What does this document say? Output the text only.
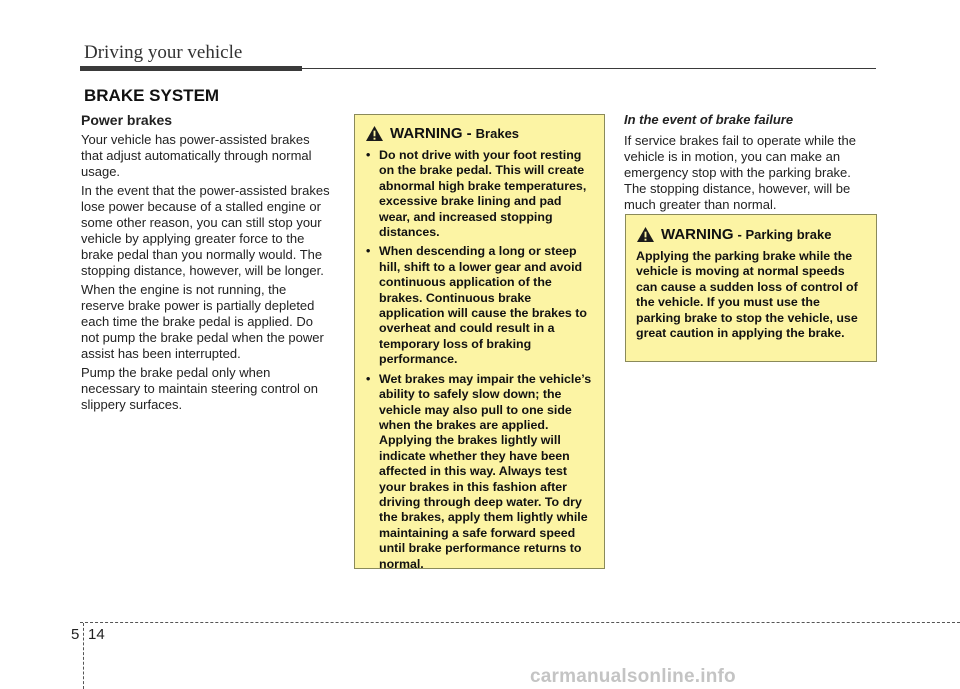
Driving your vehicle
BRAKE SYSTEM
Power brakes

Your vehicle has power-assisted brakes that adjust automatically through normal usage.

In the event that the power-assisted brakes lose power because of a stalled engine or some other reason, you can still stop your vehicle by applying greater force to the brake pedal than you normally would. The stopping distance, however, will be longer.

When the engine is not running, the reserve brake power is partially depleted each time the brake pedal is applied. Do not pump the brake pedal when the power assist has been interrupted.

Pump the brake pedal only when necessary to maintain steering control on slippery surfaces.

WARNING - Brakes
• Do not drive with your foot resting on the brake pedal. This will create abnormal high brake temperatures, excessive brake lining and pad wear, and increased stopping distances.
• When descending a long or steep hill, shift to a lower gear and avoid continuous application of the brakes. Continuous brake application will cause the brakes to overheat and could result in a temporary loss of braking performance.
• Wet brakes may impair the vehicle’s ability to safely slow down; the vehicle may also pull to one side when the brakes are applied. Applying the brakes lightly will indicate whether they have been affected in this way. Always test your brakes in this fashion after driving through deep water. To dry the brakes, apply them lightly while maintaining a safe forward speed until brake performance returns to normal.
In the event of brake failure

If service brakes fail to operate while the vehicle is in motion, you can make an emergency stop with the parking brake. The stopping distance, however, will be much greater than normal.

WARNING - Parking brake
Applying the parking brake while the vehicle is moving at normal speeds can cause a sudden loss of control of the vehicle. If you must use the parking brake to stop the vehicle, use great caution in applying the brake.
5 14
carmanualsonline.info
